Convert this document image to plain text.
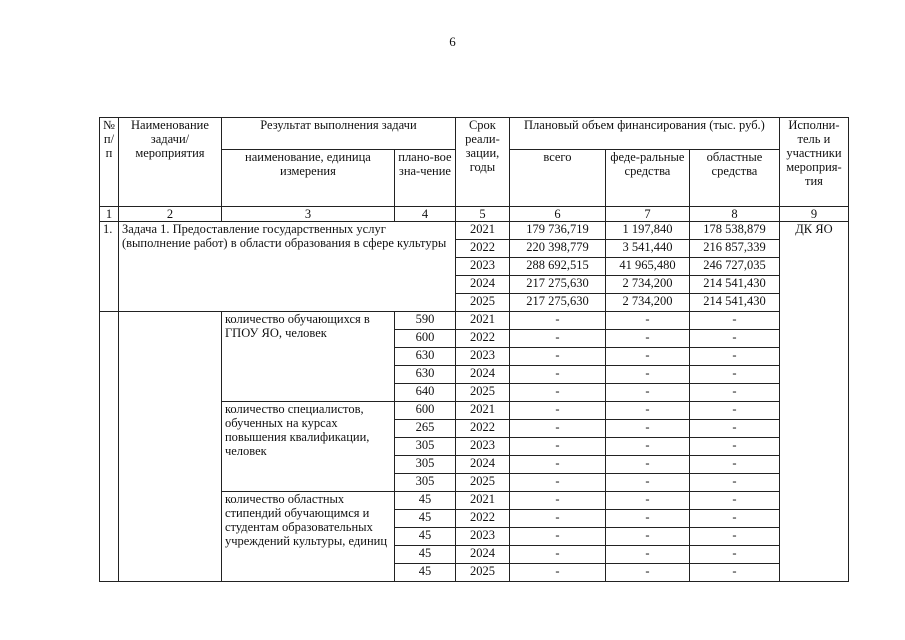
6
№ п/п	Наименование задачи/ мероприятия	Результат выполнения задачи		Срок реали-зации, годы	Плановый объем финансирования (тыс. руб.)			Исполни-тель и участники мероприя-тия
		наименование, единица измерения	плано-вое зна-чение		всего	феде-ральные средства	областные средства	
1	2	3	4	5	6	7	8	9
1.	Задача 1. Предоставление государственных услуг (выполнение работ) в области образования в сфере культуры			2021	179 736,719	1 197,840	178 538,879	ДК ЯО
				2022	220 398,779	3 541,440	216 857,339	
				2023	288 692,515	41 965,480	246 727,035	
				2024	217 275,630	2 734,200	214 541,430	
				2025	217 275,630	2 734,200	214 541,430	
		количество обучающихся в ГПОУ ЯО, человек	590	2021	-	-	-	
			600	2022	-	-	-	
			630	2023	-	-	-	
			630	2024	-	-	-	
			640	2025	-	-	-	
		количество специалистов, обученных на курсах повышения квалификации, человек	600	2021	-	-	-	
			265	2022	-	-	-	
			305	2023	-	-	-	
			305	2024	-	-	-	
			305	2025	-	-	-	
		количество областных стипендий обучающимся и студентам образовательных учреждений культуры, единиц	45	2021	-	-	-	
			45	2022	-	-	-	
			45	2023	-	-	-	
			45	2024	-	-	-	
			45	2025	-	-	-	
